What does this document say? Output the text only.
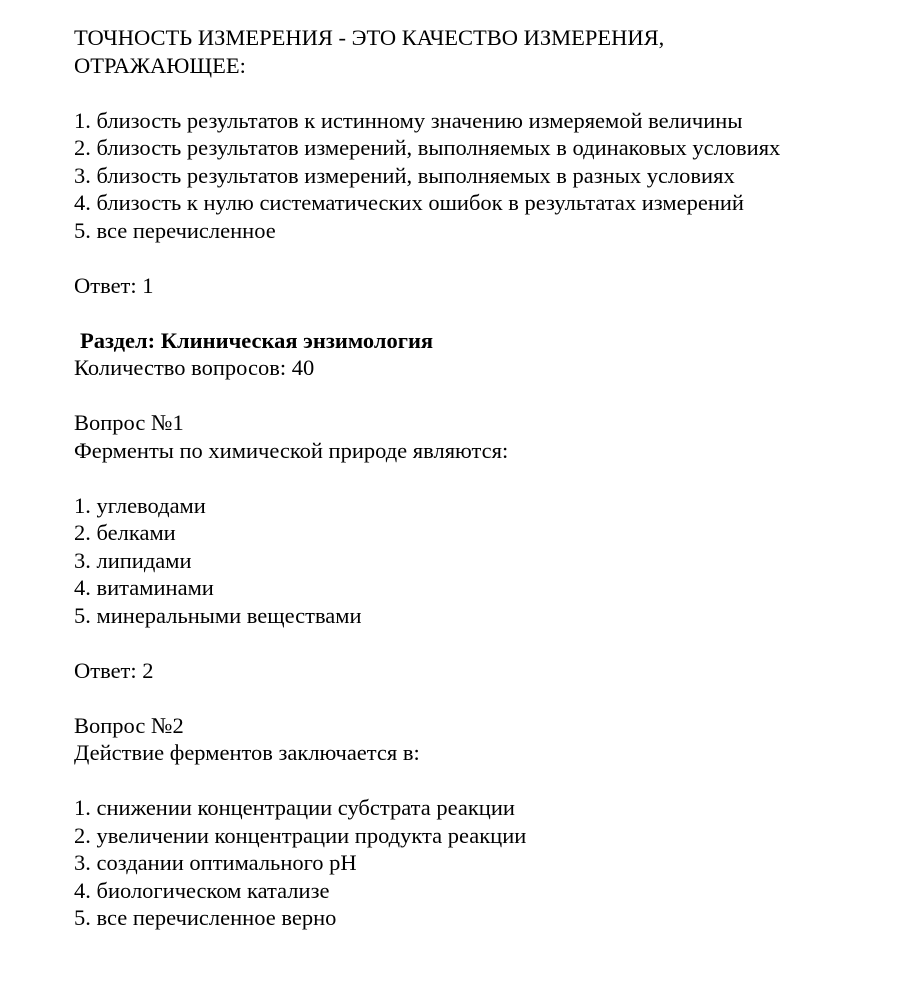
ТОЧНОСТЬ ИЗМЕРЕНИЯ - ЭТО КАЧЕСТВО ИЗМЕРЕНИЯ,
ОТРАЖАЮЩЕЕ:
1. близость результатов к истинному значению измеряемой величины
2. близость результатов измерений, выполняемых в одинаковых условиях
3. близость результатов измерений, выполняемых в разных условиях
4. близость к нулю систематических ошибок в результатах измерений
5. все перечисленное
Ответ: 1
Раздел: Клиническая энзимология
Количество вопросов: 40
Вопрос №1
Ферменты по химической природе являются:
1. углеводами
2. белками
3. липидами
4. витаминами
5. минеральными веществами
Ответ: 2
Вопрос №2
Действие ферментов заключается в:
1. снижении концентрации субстрата реакции
2. увеличении концентрации продукта реакции
3. создании оптимального рН
4. биологическом катализе
5. все перечисленное верно
